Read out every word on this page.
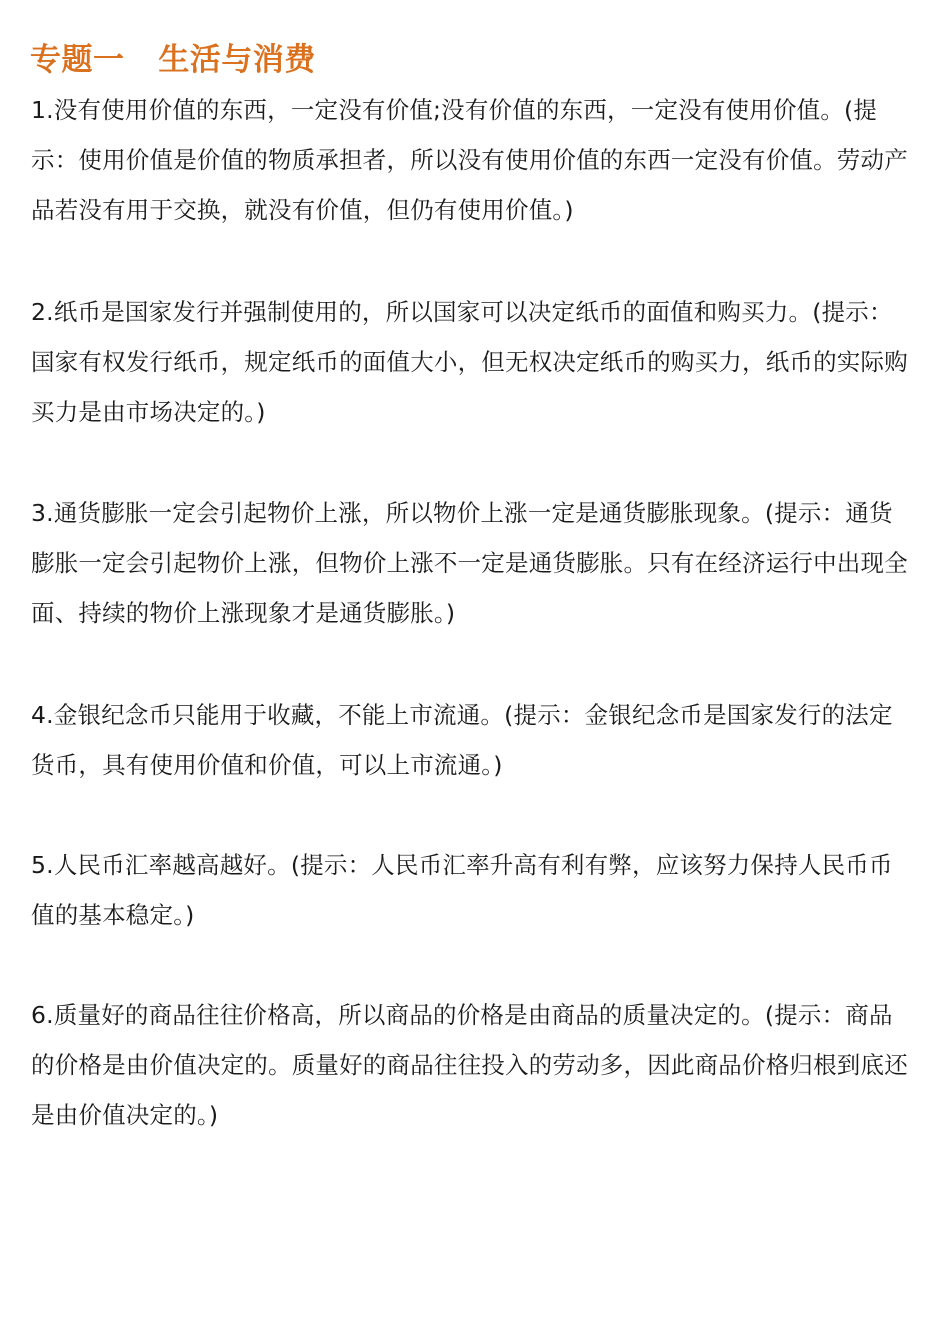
专题一   生活与消费

1.没有使用价值的东西，一定没有价值;没有价值的东西，一定没有使用价值。(提示：使用价值是价值的物质承担者，所以没有使用价值的东西一定没有价值。劳动产品若没有用于交换，就没有价值，但仍有使用价值。)

2.纸币是国家发行并强制使用的，所以国家可以决定纸币的面值和购买力。(提示：国家有权发行纸币，规定纸币的面值大小，但无权决定纸币的购买力，纸币的实际购买力是由市场决定的。)

3.通货膨胀一定会引起物价上涨，所以物价上涨一定是通货膨胀现象。(提示：通货膨胀一定会引起物价上涨，但物价上涨不一定是通货膨胀。只有在经济运行中出现全面、持续的物价上涨现象才是通货膨胀。)

4.金银纪念币只能用于收藏，不能上市流通。(提示：金银纪念币是国家发行的法定货币，具有使用价值和价值，可以上市流通。)

5.人民币汇率越高越好。(提示：人民币汇率升高有利有弊，应该努力保持人民币币值的基本稳定。)

6.质量好的商品往往价格高，所以商品的价格是由商品的质量决定的。(提示：商品的价格是由价值决定的。质量好的商品往往投入的劳动多，因此商品价格归根到底还是由价值决定的。)
